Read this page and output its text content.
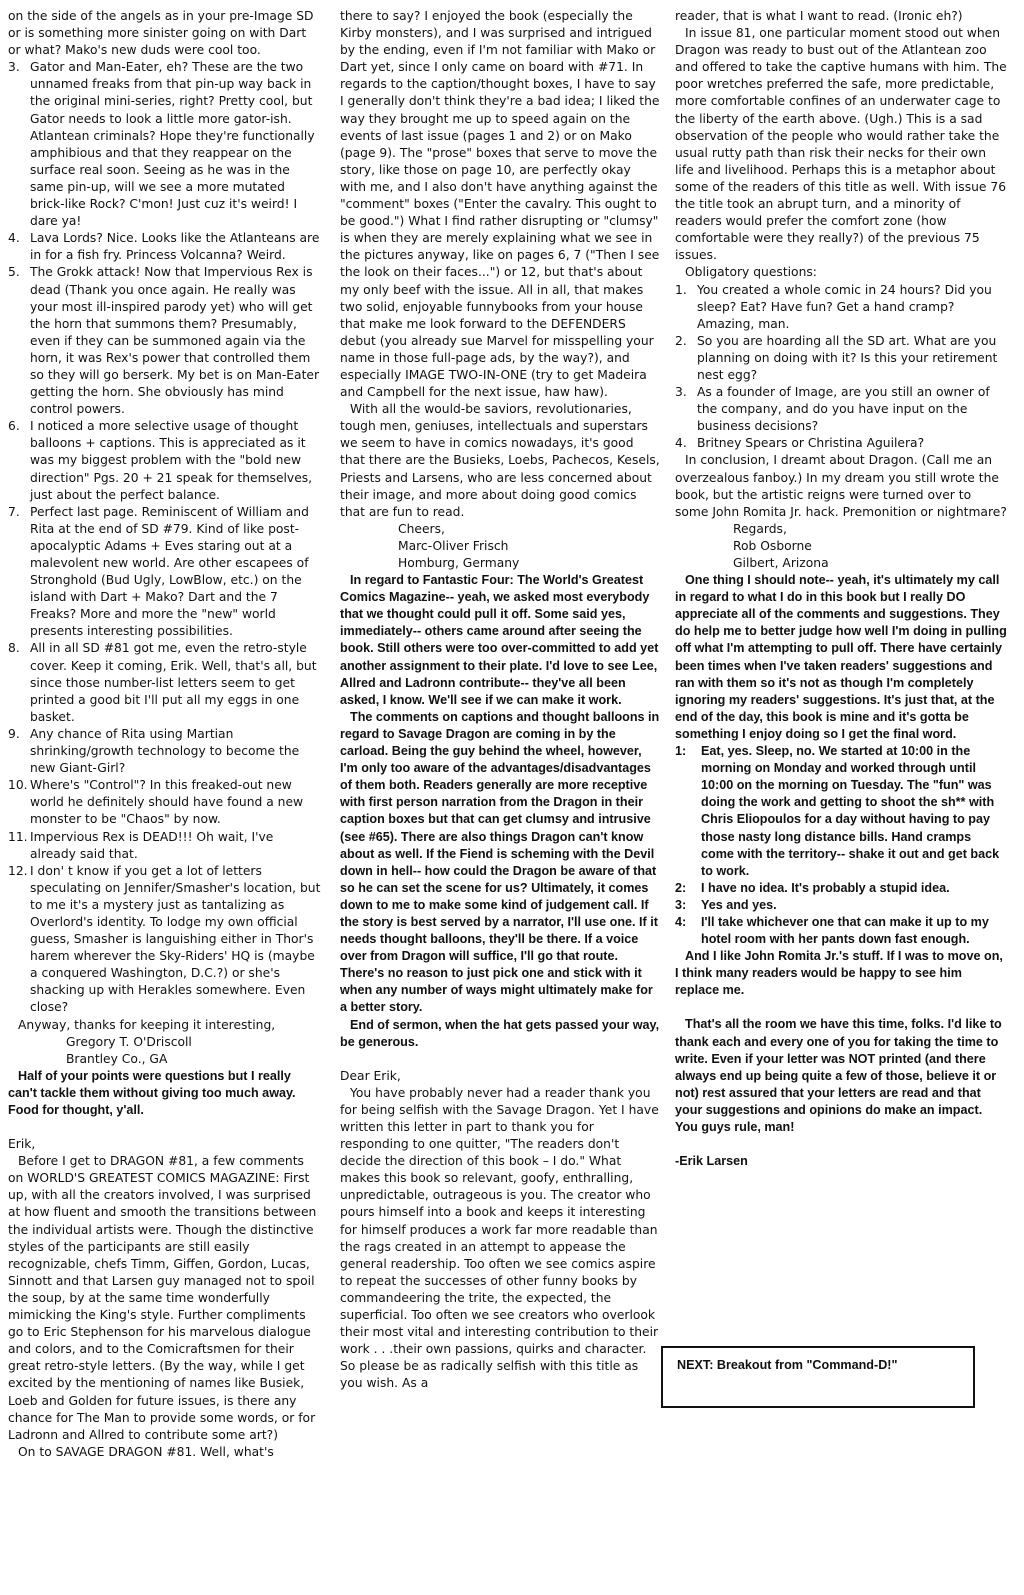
on the side of the angels as in your pre-Image SD or is something more sinister going on with Dart or what? Mako's new duds were cool too.

3. Gator and Man-Eater, eh? These are the two unnamed freaks from that pin-up way back in the original mini-series, right? Pretty cool, but Gator needs to look a little more gator-ish. Atlantean criminals? Hope they're functionally amphibious and that they reappear on the surface real soon. Seeing as he was in the same pin-up, will we see a more mutated brick-like Rock? C'mon! Just cuz it's weird! I dare ya!
4. Lava Lords? Nice. Looks like the Atlanteans are in for a fish fry. Princess Volcanna? Weird.
5. The Grokk attack! Now that Impervious Rex is dead (Thank you once again. He really was your most ill-inspired parody yet) who will get the horn that summons them? Presumably, even if they can be summoned again via the horn, it was Rex's power that controlled them so they will go berserk. My bet is on Man-Eater getting the horn. She obviously has mind control powers.
6. I noticed a more selective usage of thought balloons + captions. This is appreciated as it was my biggest problem with the "bold new direction" Pgs. 20 + 21 speak for themselves, just about the perfect balance.
7. Perfect last page. Reminiscent of William and Rita at the end of SD #79. Kind of like post-apocalyptic Adams + Eves staring out at a malevolent new world. Are other escapees of Stronghold (Bud Ugly, LowBlow, etc.) on the island with Dart + Mako? Dart and the 7 Freaks? More and more the "new" world presents interesting possibilities.
8. All in all SD #81 got me, even the retro-style cover. Keep it coming, Erik. Well, that's all, but since those number-list letters seem to get printed a good bit I'll put all my eggs in one basket.
9. Any chance of Rita using Martian shrinking/growth technology to become the new Giant-Girl?
10. Where's "Control"? In this freaked-out new world he definitely should have found a new monster to be "Chaos" by now.
11. Impervious Rex is DEAD!!! Oh wait, I've already said that.
12. I don' t know if you get a lot of letters speculating on Jennifer/Smasher's location, but to me it's a mystery just as tantalizing as Overlord's identity. To lodge my own official guess, Smasher is languishing either in Thor's harem wherever the Sky-Riders' HQ is (maybe a conquered Washington, D.C.?) or she's shacking up with Herakles somewhere. Even close?

Anyway, thanks for keeping it interesting,

Gregory T. O'Driscoll

Brantley Co., GA

Half of your points were questions but I really can't tackle them without giving too much away. Food for thought, y'all.

Erik,

Before I get to DRAGON #81, a few comments on WORLD'S GREATEST COMICS MAGAZINE: First up, with all the creators involved, I was surprised at how fluent and smooth the transitions between the individual artists were. Though the distinctive styles of the participants are still easily recognizable, chefs Timm, Giffen, Gordon, Lucas, Sinnott and that Larsen guy managed not to spoil the soup, by at the same time wonderfully mimicking the King's style. Further compliments go to Eric Stephenson for his marvelous dialogue and colors, and to the Comicraftsmen for their great retro-style letters. (By the way, while I get excited by the mentioning of names like Busiek, Loeb and Golden for future issues, is there any chance for The Man to provide some words, or for Ladronn and Allred to contribute some art?)

On to SAVAGE DRAGON #81. Well, what's

there to say? I enjoyed the book (especially the Kirby monsters), and I was surprised and intrigued by the ending, even if I'm not familiar with Mako or Dart yet, since I only came on board with #71. In regards to the caption/thought boxes, I have to say I generally don't think they're a bad idea; I liked the way they brought me up to speed again on the events of last issue (pages 1 and 2) or on Mako (page 9). The "prose" boxes that serve to move the story, like those on page 10, are perfectly okay with me, and I also don't have anything against the "comment" boxes ("Enter the cavalry. This ought to be good.") What I find rather disrupting or "clumsy" is when they are merely explaining what we see in the pictures anyway, like on pages 6, 7 ("Then I see the look on their faces...") or 12, but that's about my only beef with the issue. All in all, that makes two solid, enjoyable funnybooks from your house that make me look forward to the DEFENDERS debut (you already sue Marvel for misspelling your name in those full-page ads, by the way?), and especially IMAGE TWO-IN-ONE (try to get Madeira and Campbell for the next issue, haw haw).

With all the would-be saviors, revolutionaries, tough men, geniuses, intellectuals and superstars we seem to have in comics nowadays, it's good that there are the Busieks, Loebs, Pachecos, Kesels, Priests and Larsens, who are less concerned about their image, and more about doing good comics that are fun to read.

Cheers,

Marc-Oliver Frisch

Homburg, Germany

In regard to Fantastic Four: The World's Greatest Comics Magazine-- yeah, we asked most everybody that we thought could pull it off. Some said yes, immediately-- others came around after seeing the book. Still others were too over-committed to add yet another assignment to their plate. I'd love to see Lee, Allred and Ladronn contribute-- they've all been asked, I know. We'll see if we can make it work.

The comments on captions and thought balloons in regard to Savage Dragon are coming in by the carload. Being the guy behind the wheel, however, I'm only too aware of the advantages/disadvantages of them both. Readers generally are more receptive with first person narration from the Dragon in their caption boxes but that can get clumsy and intrusive (see #65). There are also things Dragon can't know about as well. If the Fiend is scheming with the Devil down in hell-- how could the Dragon be aware of that so he can set the scene for us? Ultimately, it comes down to me to make some kind of judgement call. If the story is best served by a narrator, I'll use one. If it needs thought balloons, they'll be there. If a voice over from Dragon will suffice, I'll go that route. There's no reason to just pick one and stick with it when any number of ways might ultimately make for a better story.

End of sermon, when the hat gets passed your way, be generous.

Dear Erik,

You have probably never had a reader thank you for being selfish with the Savage Dragon. Yet I have written this letter in part to thank you for responding to one quitter, "The readers don't decide the direction of this book – I do." What makes this book so relevant, goofy, enthralling, unpredictable, outrageous is you. The creator who pours himself into a book and keeps it interesting for himself produces a work far more readable than the rags created in an attempt to appease the general readership. Too often we see comics aspire to repeat the successes of other funny books by commandeering the trite, the expected, the superficial. Too often we see creators who overlook their most vital and interesting contribution to their work . . .their own passions, quirks and character. So please be as radically selfish with this title as you wish. As a

reader, that is what I want to read. (Ironic eh?)

In issue 81, one particular moment stood out when Dragon was ready to bust out of the Atlantean zoo and offered to take the captive humans with him. The poor wretches preferred the safe, more predictable, more comfortable confines of an underwater cage to the liberty of the earth above. (Ugh.) This is a sad observation of the people who would rather take the usual rutty path than risk their necks for their own life and livelihood. Perhaps this is a metaphor about some of the readers of this title as well. With issue 76 the title took an abrupt turn, and a minority of readers would prefer the comfort zone (how comfortable were they really?) of the previous 75 issues.

Obligatory questions:

1. You created a whole comic in 24 hours? Did you sleep? Eat? Have fun? Get a hand cramp? Amazing, man.
2. So you are hoarding all the SD art. What are you planning on doing with it? Is this your retirement nest egg?
3. As a founder of Image, are you still an owner of the company, and do you have input on the business decisions?
4. Britney Spears or Christina Aguilera?

In conclusion, I dreamt about Dragon. (Call me an overzealous fanboy.) In my dream you still wrote the book, but the artistic reigns were turned over to some John Romita Jr. hack. Premonition or nightmare?

Regards,

Rob Osborne

Gilbert, Arizona

One thing I should note-- yeah, it's ultimately my call in regard to what I do in this book but I really DO appreciate all of the comments and suggestions. They do help me to better judge how well I'm doing in pulling off what I'm attempting to pull off. There have certainly been times when I've taken readers' suggestions and ran with them so it's not as though I'm completely ignoring my readers' suggestions. It's just that, at the end of the day, this book is mine and it's gotta be something I enjoy doing so I get the final word.

1: Eat, yes. Sleep, no. We started at 10:00 in the morning on Monday and worked through until 10:00 on the morning on Tuesday. The "fun" was doing the work and getting to shoot the sh** with Chris Eliopoulos for a day without having to pay those nasty long distance bills. Hand cramps come with the territory-- shake it out and get back to work.
2: I have no idea. It's probably a stupid idea.
3: Yes and yes.
4: I'll take whichever one that can make it up to my hotel room with her pants down fast enough.

And I like John Romita Jr.'s stuff. If I was to move on, I think many readers would be happy to see him replace me.

That's all the room we have this time, folks. I'd like to thank each and every one of you for taking the time to write. Even if your letter was NOT printed (and there always end up being quite a few of those, believe it or not) rest assured that your letters are read and that your suggestions and opinions do make an impact. You guys rule, man!

-Erik Larsen

NEXT: Breakout from "Command-D!"
